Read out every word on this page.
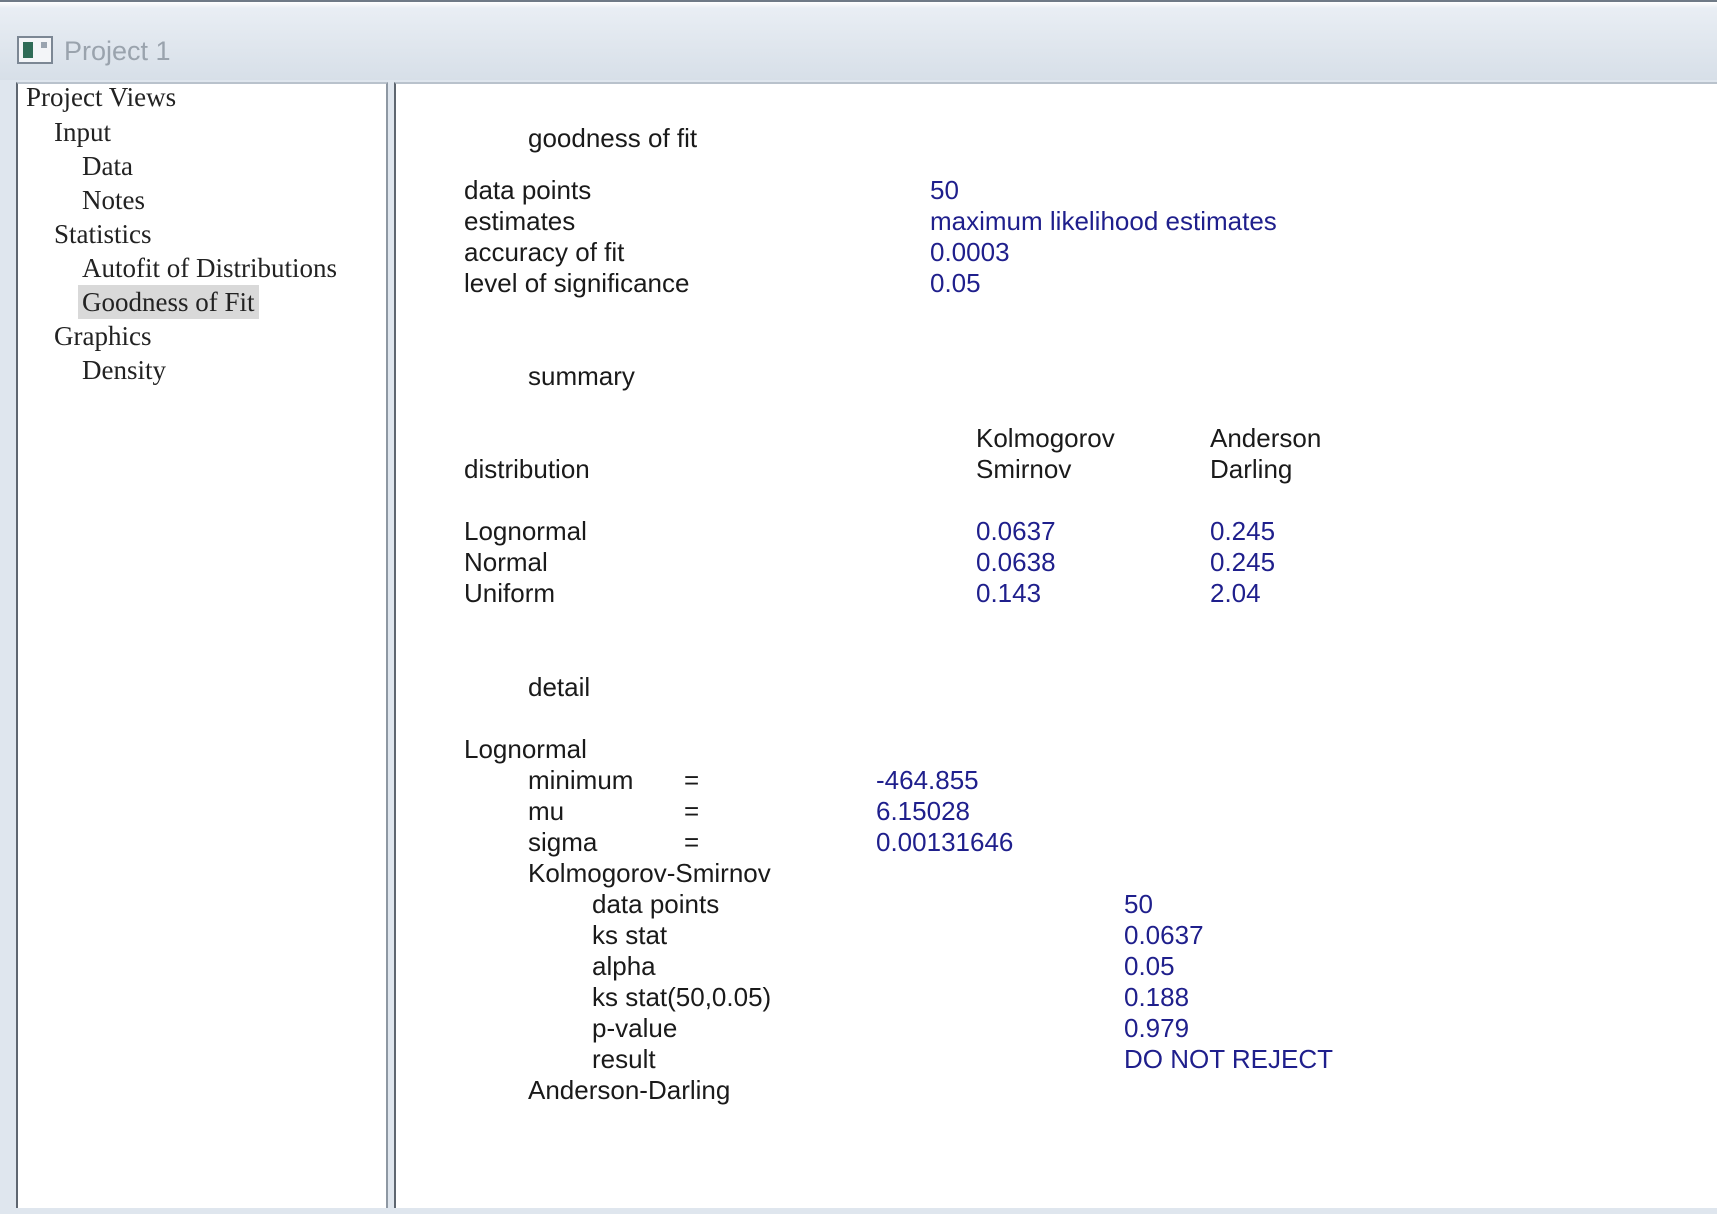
Project 1
Project Views
Input
Data
Notes
Statistics
Autofit of Distributions
Goodness of Fit
Graphics
Density
goodness of fit
data points	50
estimates	maximum likelihood estimates
accuracy of fit	0.0003
level of significance	0.05
summary
Kolmogorov	Anderson
distribution	Smirnov	Darling
Lognormal	0.0637	0.245
Normal	0.0638	0.245
Uniform	0.143	2.04
detail
Lognormal
minimum =	-464.855
mu	=	6.15028
sigma	=	0.00131646
Kolmogorov-Smirnov
data points	50
ks stat	0.0637
alpha	0.05
ks stat(50,0.05)	0.188
p-value	0.979
result	DO NOT REJECT
Anderson-Darling
